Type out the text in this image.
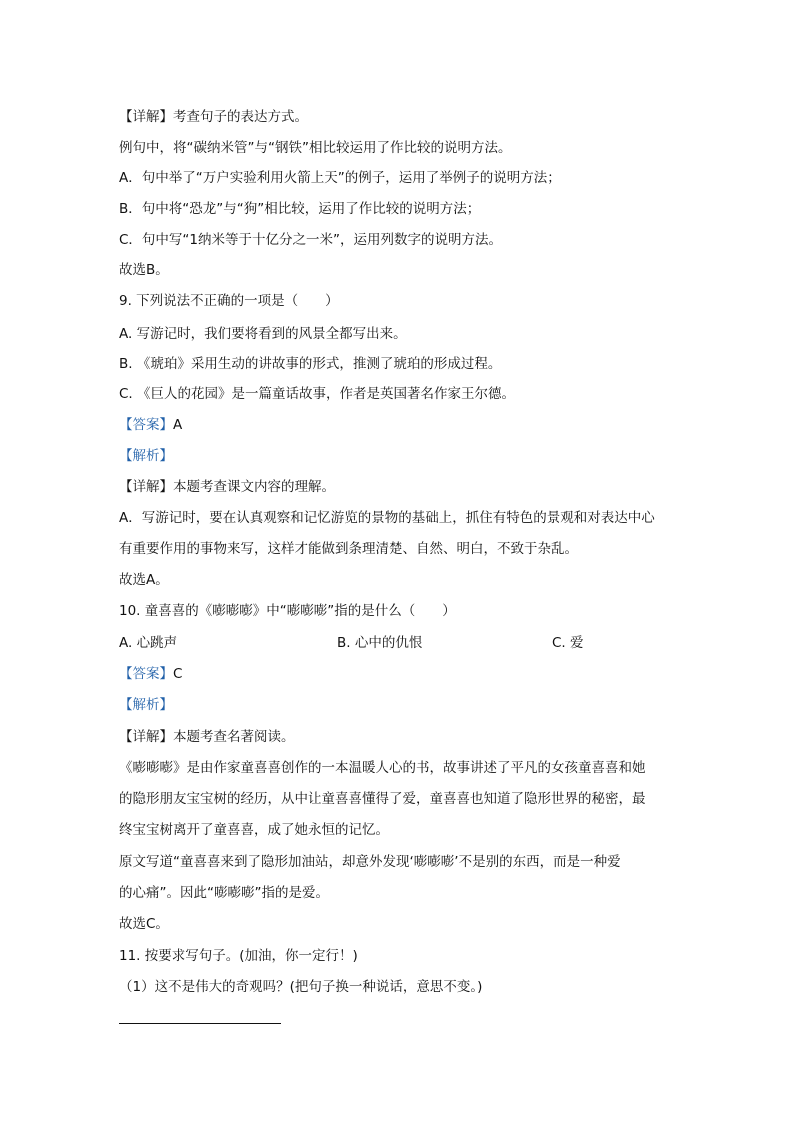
【详解】考查句子的表达方式。
例句中，将“碳纳米管”与“钢铁”相比较运用了作比较的说明方法。
A．句中举了“万户实验利用火箭上天”的例子，运用了举例子的说明方法；
B．句中将“恐龙”与“狗”相比较，运用了作比较的说明方法；
C．句中写“1纳米等于十亿分之一米”，运用列数字的说明方法。
故选B。
9. 下列说法不正确的一项是（　　）
A. 写游记时，我们要将看到的风景全都写出来。
B. 《琥珀》采用生动的讲故事的形式，推测了琥珀的形成过程。
C. 《巨人的花园》是一篇童话故事，作者是英国著名作家王尔德。
【答案】A
【解析】
【详解】本题考查课文内容的理解。
A．写游记时，要在认真观察和记忆游览的景物的基础上，抓住有特色的景观和对表达中心
有重要作用的事物来写，这样才能做到条理清楚、自然、明白，不致于杂乱。
故选A。
10. 童喜喜的《嘭嘭嘭》中“嘭嘭嘭”指的是什么（　　）
A. 心跳声	B. 心中的仇恨	C. 爱
【答案】C
【解析】
【详解】本题考查名著阅读。
《嘭嘭嘭》是由作家童喜喜创作的一本温暖人心的书，故事讲述了平凡的女孩童喜喜和她
的隐形朋友宝宝树的经历，从中让童喜喜懂得了爱，童喜喜也知道了隐形世界的秘密，最
终宝宝树离开了童喜喜，成了她永恒的记忆。
原文写道“童喜喜来到了隐形加油站，却意外发现‘嘭嘭嘭’不是别的东西，而是一种爱
的心痛”。因此“嘭嘭嘭”指的是爱。
故选C。
11. 按要求写句子。(加油，你一定行！)
（1）这不是伟大的奇观吗？(把句子换一种说话，意思不变。)
